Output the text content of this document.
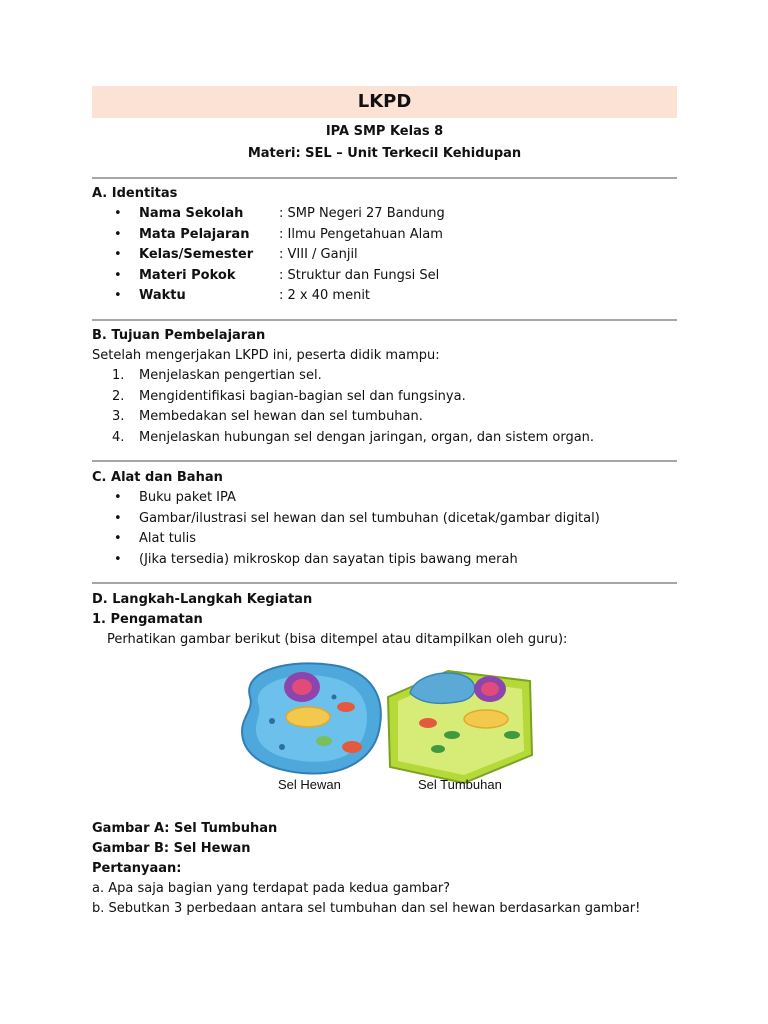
LKPD
IPA SMP Kelas 8
Materi: SEL – Unit Terkecil Kehidupan
A. Identitas
•	Nama Sekolah	: SMP Negeri 27 Bandung
•	Mata Pelajaran	: Ilmu Pengetahuan Alam
•	Kelas/Semester	: VIII / Ganjil
•	Materi Pokok	: Struktur dan Fungsi Sel
•	Waktu	: 2 x 40 menit
B. Tujuan Pembelajaran
Setelah mengerjakan LKPD ini, peserta didik mampu:
1.	Menjelaskan pengertian sel.
2.	Mengidentifikasi bagian-bagian sel dan fungsinya.
3.	Membedakan sel hewan dan sel tumbuhan.
4.	Menjelaskan hubungan sel dengan jaringan, organ, dan sistem organ.
C. Alat dan Bahan
•	Buku paket IPA
•	Gambar/ilustrasi sel hewan dan sel tumbuhan (dicetak/gambar digital)
•	Alat tulis
•	(Jika tersedia) mikroskop dan sayatan tipis bawang merah
D. Langkah-Langkah Kegiatan
1. Pengamatan
Perhatikan gambar berikut (bisa ditempel atau ditampilkan oleh guru):
Sel Hewan	Sel Tumbuhan
Gambar A: Sel Tumbuhan
Gambar B: Sel Hewan
Pertanyaan:
a. Apa saja bagian yang terdapat pada kedua gambar?
b. Sebutkan 3 perbedaan antara sel tumbuhan dan sel hewan berdasarkan gambar!
